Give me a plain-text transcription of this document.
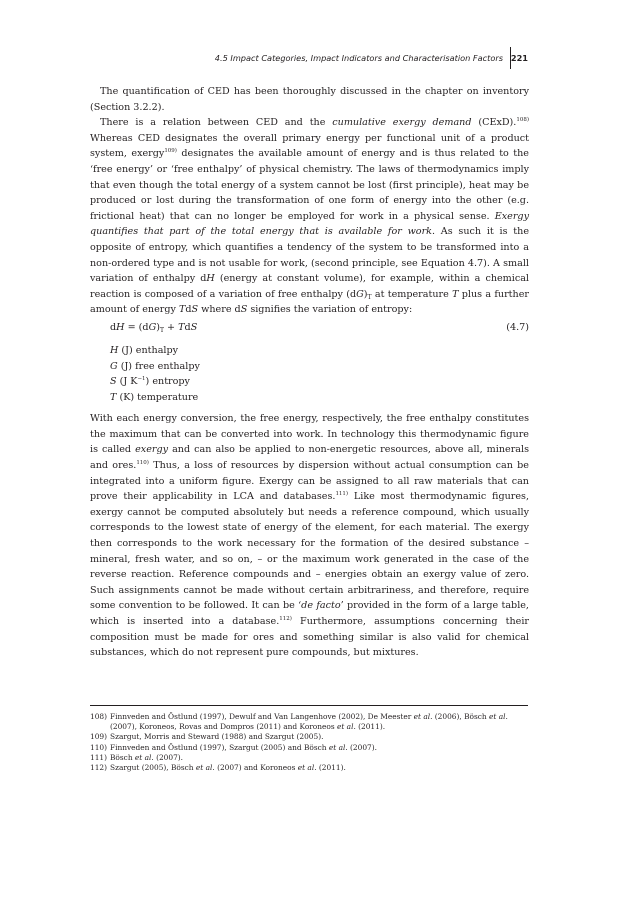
4.5 Impact Categories, Impact Indicators and Characterisation Factors 221

The quantification of CED has been thoroughly discussed in the chapter on inventory (Section 3.2.2).

There is a relation between CED and the cumulative exergy demand (CExD).$^{108)}$ Whereas CED designates the overall primary energy per functional unit of a product system, exergy$^{109)}$ designates the available amount of energy and is thus related to the ‘free energy’ or ‘free enthalpy’ of physical chemistry. The laws of thermodynamics imply that even though the total energy of a system cannot be lost (first principle), heat may be produced or lost during the transformation of one form of energy into the other (e.g. frictional heat) that can no longer be employed for work in a physical sense. Exergy quantifies that part of the total energy that is available for work. As such it is the opposite of entropy, which quantifies a tendency of the system to be transformed into a non-ordered type and is not usable for work, (second principle, see Equation 4.7). A small variation of enthalpy dH (energy at constant volume), for example, within a chemical reaction is composed of a variation of free enthalpy $(dG)_T$ at temperature T plus a further amount of energy TdS where dS signifies the variation of entropy:

dH = $(dG)_T$ + TdS	(4.7)
H (J) enthalpy
G (J) free enthalpy
S (J $K^{-1}$) entropy
T (K) temperature

With each energy conversion, the free energy, respectively, the free enthalpy constitutes the maximum that can be converted into work. In technology this thermodynamic figure is called exergy and can also be applied to non-energetic resources, above all, minerals and ores.$^{110)}$ Thus, a loss of resources by dispersion without actual consumption can be integrated into a uniform figure. Exergy can be assigned to all raw materials that can prove their applicability in LCA and databases.$^{111)}$ Like most thermodynamic figures, exergy cannot be computed absolutely but needs a reference compound, which usually corresponds to the lowest state of energy of the element, for each material. The exergy then corresponds to the work necessary for the formation of the desired substance – mineral, fresh water, and so on, – or the maximum work generated in the case of the reverse reaction. Reference compounds and – energies obtain an exergy value of zero. Such assignments cannot be made without certain arbitrariness, and therefore, require some convention to be followed. It can be ‘de facto’ provided in the form of a large table, which is inserted into a database.$^{112)}$ Furthermore, assumptions concerning their composition must be made for ores and something similar is also valid for chemical substances, which do not represent pure compounds, but mixtures.

108) Finnveden and Östlund (1997), Dewulf and Van Langenhove (2002), De Meester et al. (2006), Bösch et al. (2007), Koroneos, Rovas and Dompros (2011) and Koroneos et al. (2011).
109) Szargut, Morris and Steward (1988) and Szargut (2005).
110) Finnveden and Östlund (1997), Szargut (2005) and Bösch et al. (2007).
111) Bösch et al. (2007).
112) Szargut (2005), Bösch et al. (2007) and Koroneos et al. (2011).
